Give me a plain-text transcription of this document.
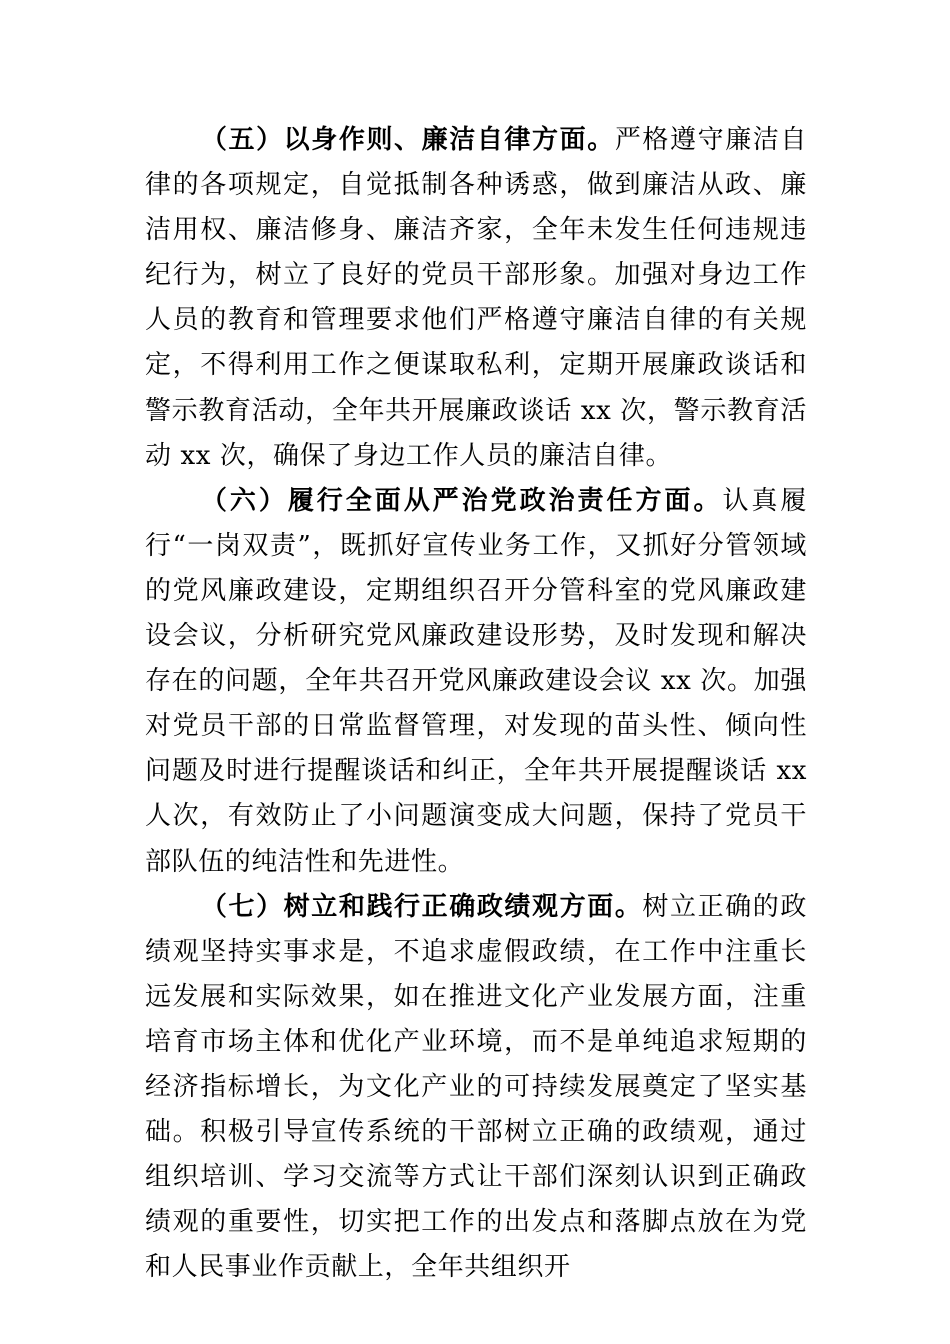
（五）以身作则、廉洁自律方面。严格遵守廉洁自律的各项规定，自觉抵制各种诱惑，做到廉洁从政、廉洁用权、廉洁修身、廉洁齐家，全年未发生任何违规违纪行为，树立了良好的党员干部形象。加强对身边工作人员的教育和管理要求他们严格遵守廉洁自律的有关规定，不得利用工作之便谋取私利，定期开展廉政谈话和警示教育活动，全年共开展廉政谈话 xx 次，警示教育活动 xx 次，确保了身边工作人员的廉洁自律。

（六）履行全面从严治党政治责任方面。认真履行“一岗双责”，既抓好宣传业务工作，又抓好分管领域的党风廉政建设，定期组织召开分管科室的党风廉政建设会议，分析研究党风廉政建设形势，及时发现和解决存在的问题，全年共召开党风廉政建设会议 xx 次。加强对党员干部的日常监督管理，对发现的苗头性、倾向性问题及时进行提醒谈话和纠正，全年共开展提醒谈话 xx 人次，有效防止了小问题演变成大问题，保持了党员干部队伍的纯洁性和先进性。

（七）树立和践行正确政绩观方面。树立正确的政绩观坚持实事求是，不追求虚假政绩，在工作中注重长远发展和实际效果，如在推进文化产业发展方面，注重培育市场主体和优化产业环境，而不是单纯追求短期的经济指标增长，为文化产业的可持续发展奠定了坚实基础。积极引导宣传系统的干部树立正确的政绩观，通过组织培训、学习交流等方式让干部们深刻认识到正确政绩观的重要性，切实把工作的出发点和落脚点放在为党和人民事业作贡献上，全年共组织开
